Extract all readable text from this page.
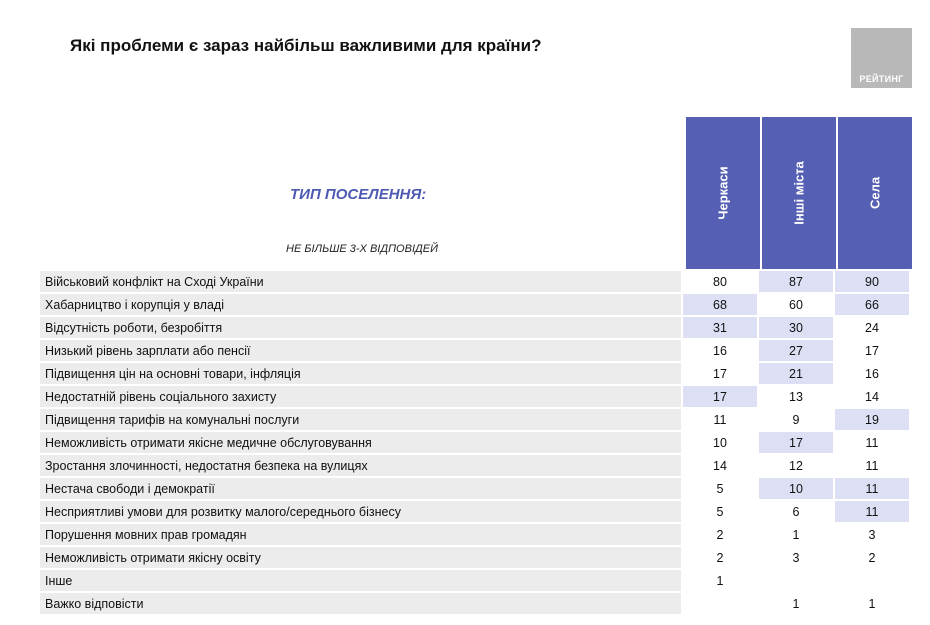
Які проблеми є зараз найбільш важливими для країни?
РЕЙТИНГ
ТИП ПОСЕЛЕННЯ:
НЕ БІЛЬШЕ 3-Х ВІДПОВІДЕЙ
Черкаси	Інші міста	Села
Військовий конфлікт на Сході України	80	87	90
Хабарництво і корупція у владі	68	60	66
Відсутність роботи, безробіття	31	30	24
Низький рівень зарплати або пенсії	16	27	17
Підвищення цін на основні товари, інфляція	17	21	16
Недостатній рівень соціального захисту	17	13	14
Підвищення тарифів на комунальні послуги	11	9	19
Неможливість отримати якісне медичне обслуговування	10	17	11
Зростання злочинності, недостатня безпека на вулицях	14	12	11
Нестача свободи і демократії	5	10	11
Несприятливі умови для розвитку малого/середнього бізнесу	5	6	11
Порушення мовних прав громадян	2	1	3
Неможливість отримати якісну освіту	2	3	2
Інше	1		
Важко відповісти		1	1
